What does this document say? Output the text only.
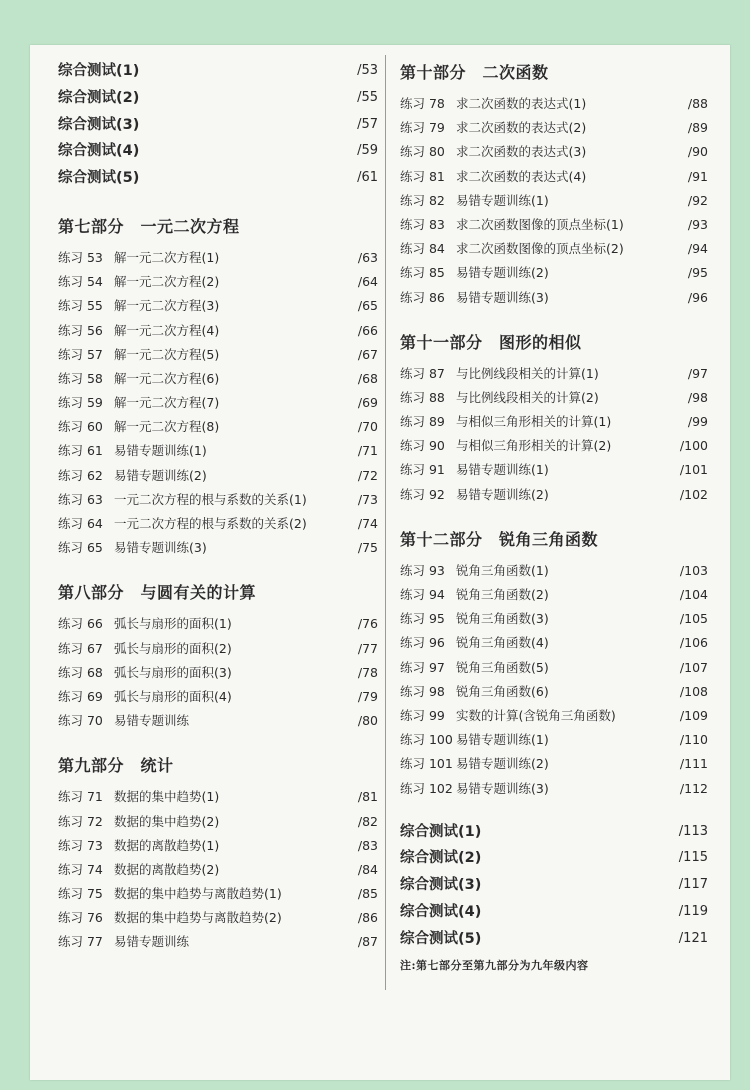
综合测试(1)	/53
综合测试(2)	/55
综合测试(3)	/57
综合测试(4)	/59
综合测试(5)	/61
第七部分　一元二次方程
练习 53 解一元二次方程(1)	/63
练习 54 解一元二次方程(2)	/64
练习 55 解一元二次方程(3)	/65
练习 56 解一元二次方程(4)	/66
练习 57 解一元二次方程(5)	/67
练习 58 解一元二次方程(6)	/68
练习 59 解一元二次方程(7)	/69
练习 60 解一元二次方程(8)	/70
练习 61 易错专题训练(1)	/71
练习 62 易错专题训练(2)	/72
练习 63 一元二次方程的根与系数的关系(1)	/73
练习 64 一元二次方程的根与系数的关系(2)	/74
练习 65 易错专题训练(3)	/75
第八部分　与圆有关的计算
练习 66 弧长与扇形的面积(1)	/76
练习 67 弧长与扇形的面积(2)	/77
练习 68 弧长与扇形的面积(3)	/78
练习 69 弧长与扇形的面积(4)	/79
练习 70 易错专题训练	/80
第九部分　统计
练习 71 数据的集中趋势(1)	/81
练习 72 数据的集中趋势(2)	/82
练习 73 数据的离散趋势(1)	/83
练习 74 数据的离散趋势(2)	/84
练习 75 数据的集中趋势与离散趋势(1)	/85
练习 76 数据的集中趋势与离散趋势(2)	/86
练习 77 易错专题训练	/87
第十部分　二次函数
练习 78 求二次函数的表达式(1)	/88
练习 79 求二次函数的表达式(2)	/89
练习 80 求二次函数的表达式(3)	/90
练习 81 求二次函数的表达式(4)	/91
练习 82 易错专题训练(1)	/92
练习 83 求二次函数图像的顶点坐标(1)	/93
练习 84 求二次函数图像的顶点坐标(2)	/94
练习 85 易错专题训练(2)	/95
练习 86 易错专题训练(3)	/96
第十一部分　图形的相似
练习 87 与比例线段相关的计算(1)	/97
练习 88 与比例线段相关的计算(2)	/98
练习 89 与相似三角形相关的计算(1)	/99
练习 90 与相似三角形相关的计算(2)	/100
练习 91 易错专题训练(1)	/101
练习 92 易错专题训练(2)	/102
第十二部分　锐角三角函数
练习 93 锐角三角函数(1)	/103
练习 94 锐角三角函数(2)	/104
练习 95 锐角三角函数(3)	/105
练习 96 锐角三角函数(4)	/106
练习 97 锐角三角函数(5)	/107
练习 98 锐角三角函数(6)	/108
练习 99 实数的计算(含锐角三角函数)	/109
练习 100 易错专题训练(1)	/110
练习 101 易错专题训练(2)	/111
练习 102 易错专题训练(3)	/112
综合测试(1)	/113
综合测试(2)	/115
综合测试(3)	/117
综合测试(4)	/119
综合测试(5)	/121
注:第七部分至第九部分为九年级内容
